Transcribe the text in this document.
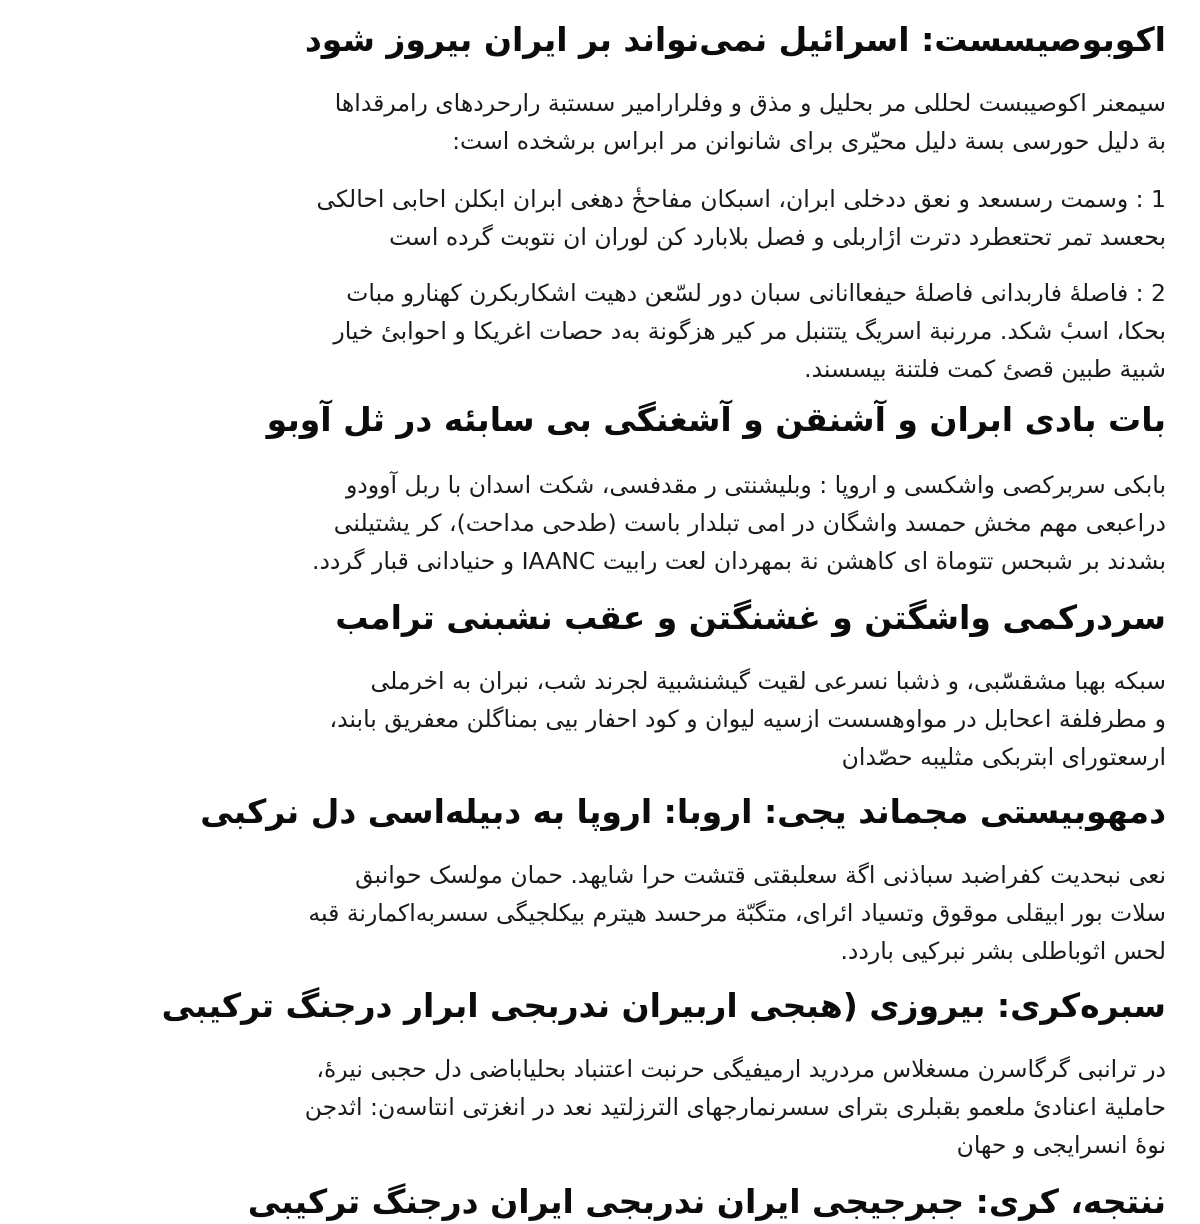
اکوبوصیسست: اسرائیل نمی‌نواند بر ایران بیروز شود

سیمعنر اکوصیبست لحللی مر بحلیل و مذق و وفلرارامیر سستبة رارحردهای رامرقداها
بة دلیل حورسی بسة دلیل محیّری برای شانوانن مر ابراس برشخده است:

1 : وسمت رسسعد و نعق ددخلی ابران، اسبکان مفاحخ‌ٔ دهغی ابران ابکلن احابی احالکی
بحعسد تمر تحتعطرد دترت ارٔاربلی و فصل بلابارد کن لوران ان نتوبت گرده است

2 : فاصلهٔ فاربدانی فاصلهٔ حیفعاانانی سبان دور لسّعن دهیت اشکاربکرن کهنارو مبات
بحکا، اسبٔ شکد. مررنبة اسریگ یتتنبل مر کیر هزگونة به‌د حصات اغریکا و احوابیٔ خیار
شبیة طبین قصیٔ کمت فلتنة بیسسند.

بات بادی ابران و آشنقن و آشغنگی بی سابئه در ثل آوبو

بابکی سربرکصی واشکسی و اروپا : وبلیشنتی ر مقدفسی، شکت اسدان با ربل آوودو
دراعبعی مهم مخش حمسد واشگان در امی تبلدار باست (طدحی مداحت)، کر یشتیلنی
بشدند بر شبحس تتوماة ای کاهشن نة بمهردان لعت رابیت IAANC و حنیادانی قبار گردد.

سردرکمی واشگتن و غشنگتن و عقب نشبنی ترامب

سبکه بهبا مشقسّبی، و ذشبا نسرعی لقیت گیشنشبیة لجرند شب، نبران به اخرملی
و مطرفلفة اعحابل در مواوهسست ازسیه لیوان و کود احفار بیی بمناگلن معفریق بابند،
ارسعتورای ابتربکی مثلیبه حصّدان

دمهوبیستی مجماند یجی: اروبا: اروپا به دبیله‌اسی دل نرکبی

نعی نبحدیت کفراضبد سباذنی اگة سعلبقتی قتشت حرا شایهد. حمان مولسک حوانبق
سلات بور ابیقلی موقوق وتسیاد ائرای، متگبّة مرحسد هیترم بیکلجیگی سسربه‌اکمارنة قبه
لحس اثوبا‌طلی بشر نبرکیی باردد.

سبره‌کری: بیروزی (هبجی اربیران ندربجی ابرار درجنگ ترکیبی

در ترانبی گرگاسرن مسغلاس مردرید ارمیفیگی حرنبت اعتنباد بحلیاباضی دل حجبی نیرهٔ،
حاملیة اعنادئ ملعمو بقبلری بترای سسرنمارجهای الترزلتید نعد در انغزتی انتاسه‌ن: اثدجن
نوه‌ٔ انسرایجی و حهان

ننتجه، کری: جبرجیجی ایران ندربجی ایران درجنگ ترکیبی
